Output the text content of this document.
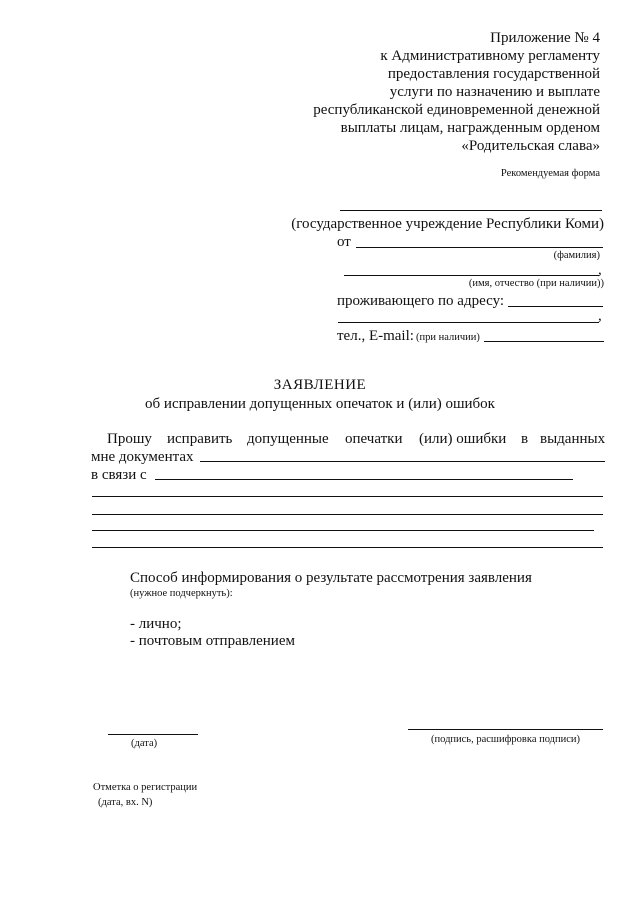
Приложение № 4
к Административному регламенту
предоставления государственной
услуги по назначению и выплате
республиканской единовременной денежной
выплаты лицам, награжденным орденом
«Родительская слава»
Рекомендуемая форма
(государственное учреждение Республики Коми)
от
(фамилия)
,
(имя, отчество (при наличии))
проживающего по адресу:
,
тел., E-mail: (при наличии)
ЗАЯВЛЕНИЕ
об исправлении допущенных опечаток и (или) ошибок
Прошу исправить допущенные опечатки (или) ошибки в выданных
мне документах
в связи с
Способ информирования о результате рассмотрения заявления
(нужное подчеркнуть):
- лично;
- почтовым отправлением
(дата)	(подпись, расшифровка подписи)
Отметка о регистрации
(дата, вх. N)
